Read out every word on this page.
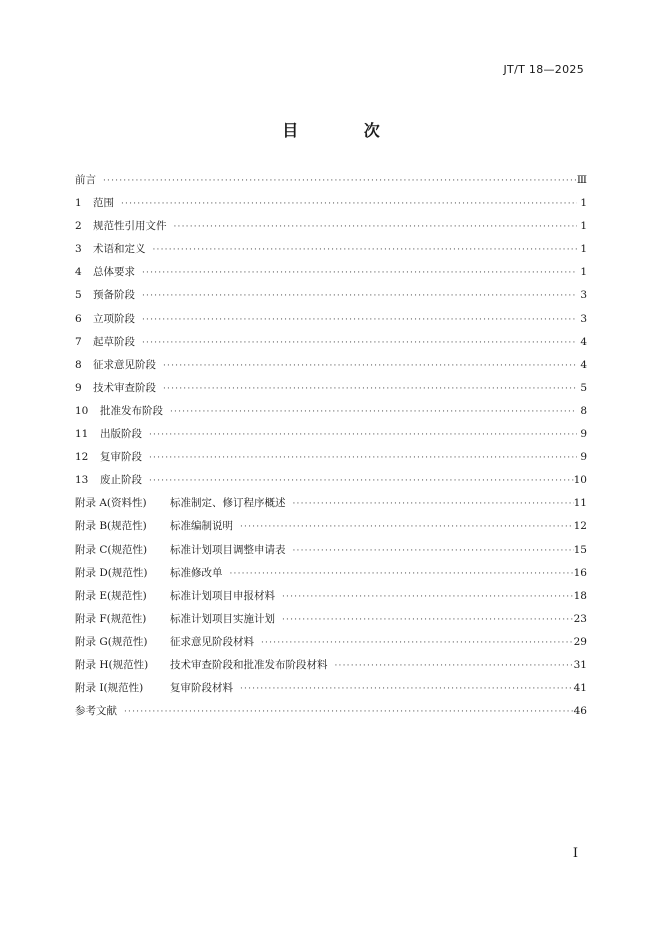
JT/T 18—2025
目 次
前言 ·····	Ⅲ
1	范围 ·····	1
2	规范性引用文件 ·····	1
3	术语和定义 ·····	1
4	总体要求 ·····	1
5	预备阶段 ·····	3
6	立项阶段 ·····	3
7	起草阶段 ·····	4
8	征求意见阶段 ·····	4
9	技术审查阶段 ·····	5
10	批准发布阶段 ·····	8
11	出版阶段 ·····	9
12	复审阶段 ·····	9
13	废止阶段 ·····	10
附录 A(资料性)	标准制定、修订程序概述 ·····	11
附录 B(规范性)	标准编制说明 ·····	12
附录 C(规范性)	标准计划项目调整申请表 ·····	15
附录 D(规范性)	标准修改单 ·····	16
附录 E(规范性)	标准计划项目申报材料 ·····	18
附录 F(规范性)	标准计划项目实施计划 ·····	23
附录 G(规范性)	征求意见阶段材料 ·····	29
附录 H(规范性)	技术审查阶段和批准发布阶段材料 ·····	31
附录 I(规范性)	复审阶段材料 ·····	41
参考文献 ·····	46
I
